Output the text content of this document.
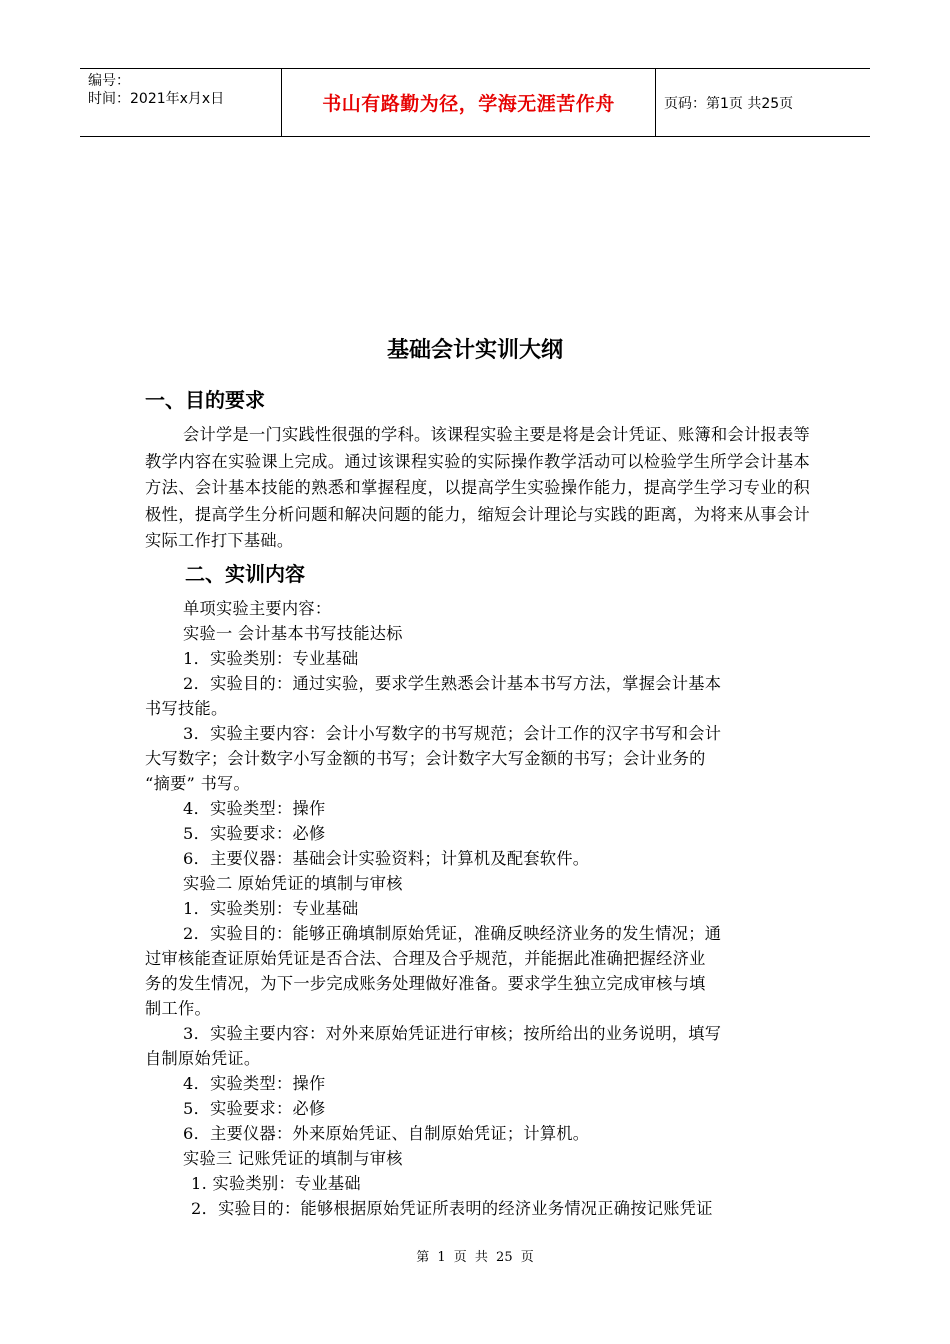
编号：
时间：2021年x月x日	书山有路勤为径，学海无涯苦作舟	页码：第1页 共25页
基础会计实训大纲
一、目的要求
会计学是一门实践性很强的学科。该课程实验主要是将是会计凭证、账簿和会计报表等教学内容在实验课上完成。通过该课程实验的实际操作教学活动可以检验学生所学会计基本方法、会计基本技能的熟悉和掌握程度，以提高学生实验操作能力，提高学生学习专业的积极性，提高学生分析问题和解决问题的能力，缩短会计理论与实践的距离，为将来从事会计实际工作打下基础。
二、实训内容
单项实验主要内容：
实验一 会计基本书写技能达标
1．实验类别：专业基础
2．实验目的：通过实验，要求学生熟悉会计基本书写方法，掌握会计基本
书写技能。
3．实验主要内容：会计小写数字的书写规范；会计工作的汉字书写和会计
大写数字；会计数字小写金额的书写；会计数字大写金额的书写；会计业务的
“摘要” 书写。
4．实验类型：操作
5．实验要求：必修
6．主要仪器：基础会计实验资料；计算机及配套软件。
实验二 原始凭证的填制与审核
1．实验类别：专业基础
2．实验目的：能够正确填制原始凭证，准确反映经济业务的发生情况；通
过审核能查证原始凭证是否合法、合理及合乎规范，并能据此准确把握经济业
务的发生情况，为下一步完成账务处理做好准备。要求学生独立完成审核与填
制工作。
3．实验主要内容：对外来原始凭证进行审核；按所给出的业务说明，填写
自制原始凭证。
4．实验类型：操作
5．实验要求：必修
6．主要仪器：外来原始凭证、自制原始凭证；计算机。
实验三 记账凭证的填制与审核
1. 实验类别：专业基础
2．实验目的：能够根据原始凭证所表明的经济业务情况正确按记账凭证
第 1 页 共 25 页
